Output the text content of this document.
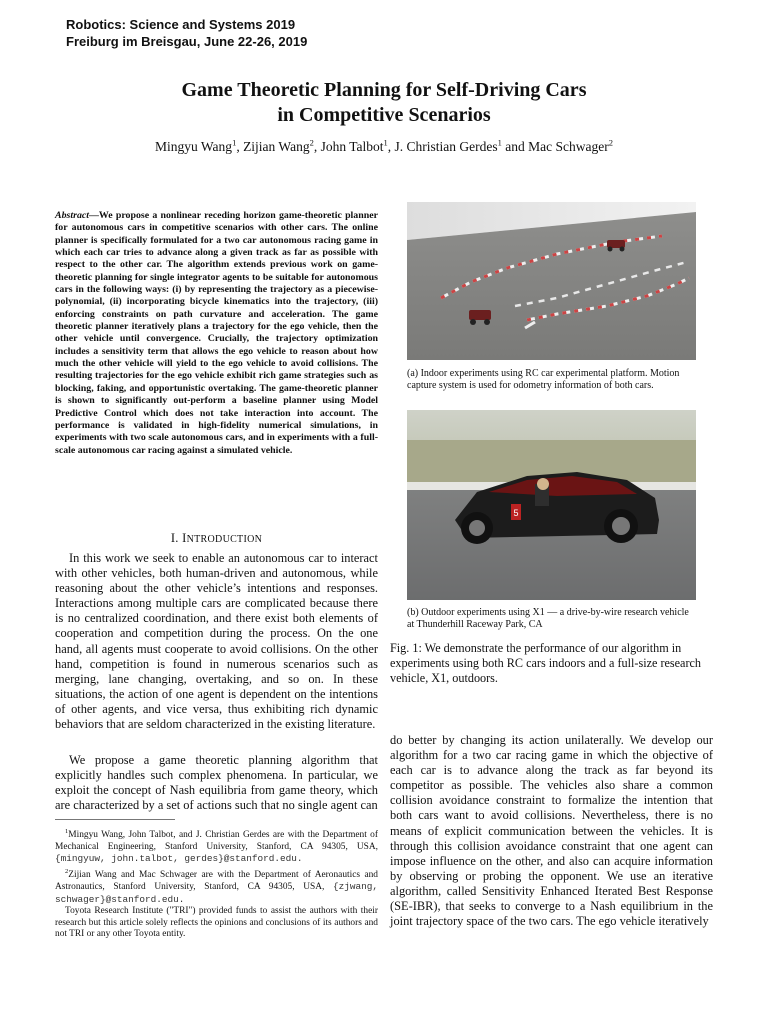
Robotics: Science and Systems 2019
Freiburg im Breisgau, June 22-26, 2019
Game Theoretic Planning for Self-Driving Cars
in Competitive Scenarios
Mingyu Wang$^1$, Zijian Wang$^2$, John Talbot$^1$, J. Christian Gerdes$^1$ and Mac Schwager$^2$
Abstract—We propose a nonlinear receding horizon game-theoretic planner for autonomous cars in competitive scenarios with other cars. The online planner is specifically formulated for a two car autonomous racing game in which each car tries to advance along a given track as far as possible with respect to the other car. The algorithm extends previous work on game-theoretic planning for single integrator agents to be suitable for autonomous cars in the following ways: (i) by representing the trajectory as a piecewise-polynomial, (ii) incorporating bicycle kinematics into the trajectory, (iii) enforcing constraints on path curvature and acceleration. The game theoretic planner iteratively plans a trajectory for the ego vehicle, then the other vehicle until convergence. Crucially, the trajectory optimization includes a sensitivity term that allows the ego vehicle to reason about how much the other vehicle will yield to the ego vehicle to avoid collisions. The resulting trajectories for the ego vehicle exhibit rich game strategies such as blocking, faking, and opportunistic overtaking. The game-theoretic planner is shown to significantly out-perform a baseline planner using Model Predictive Control which does not take interaction into account. The performance is validated in high-fidelity numerical simulations, in experiments with two scale autonomous cars, and in experiments with a full-scale autonomous car racing against a simulated vehicle.
I. INTRODUCTION
In this work we seek to enable an autonomous car to interact with other vehicles, both human-driven and autonomous, while reasoning about the other vehicle’s intentions and responses. Interactions among multiple cars are complicated because there is no centralized coordination, and there exist both elements of cooperation and competition during the process. On the one hand, all agents must cooperate to avoid collisions. On the other hand, competition is found in numerous scenarios such as merging, lane changing, overtaking, and so on. In these situations, the action of one agent is dependent on the intentions of other agents, and vice versa, thus exhibiting rich dynamic behaviors that are seldom characterized in the existing literature.
We propose a game theoretic planning algorithm that explicitly handles such complex phenomena. In particular, we exploit the concept of Nash equilibria from game theory, which are characterized by a set of actions such that no single agent can

$^1$Mingyu Wang, John Talbot, and J. Christian Gerdes are with the Department of Mechanical Engineering, Stanford University, Stanford, CA 94305, USA, {mingyuw, john.talbot, gerdes}@stanford.edu.

$^2$Zijian Wang and Mac Schwager are with the Department of Aeronautics and Astronautics, Stanford University, Stanford, CA 94305, USA, {zjwang, schwager}@stanford.edu.

Toyota Research Institute ("TRI") provided funds to assist the authors with their research but this article solely reflects the opinions and conclusions of its authors and not TRI or any other Toyota entity.

(a) Indoor experiments using RC car experimental platform. Motion capture system is used for odometry information of both cars.
5
(b) Outdoor experiments using X1 — a drive-by-wire research vehicle at Thunderhill Raceway Park, CA
Fig. 1: We demonstrate the performance of our algorithm in experiments using both RC cars indoors and a full-size research vehicle, X1, outdoors.
do better by changing its action unilaterally. We develop our algorithm for a two car racing game in which the objective of each car is to advance along the track as far beyond its competitor as possible. The vehicles also share a common collision avoidance constraint to formalize the intention that both cars want to avoid collisions. Nevertheless, there is no means of explicit communication between the vehicles. It is through this collision avoidance constraint that one agent can impose influence on the other, and also can acquire information by observing or probing the opponent. We use an iterative algorithm, called Sensitivity Enhanced Iterated Best Response (SE-IBR), that seeks to converge to a Nash equilibrium in the joint trajectory space of the two cars. The ego vehicle iteratively
